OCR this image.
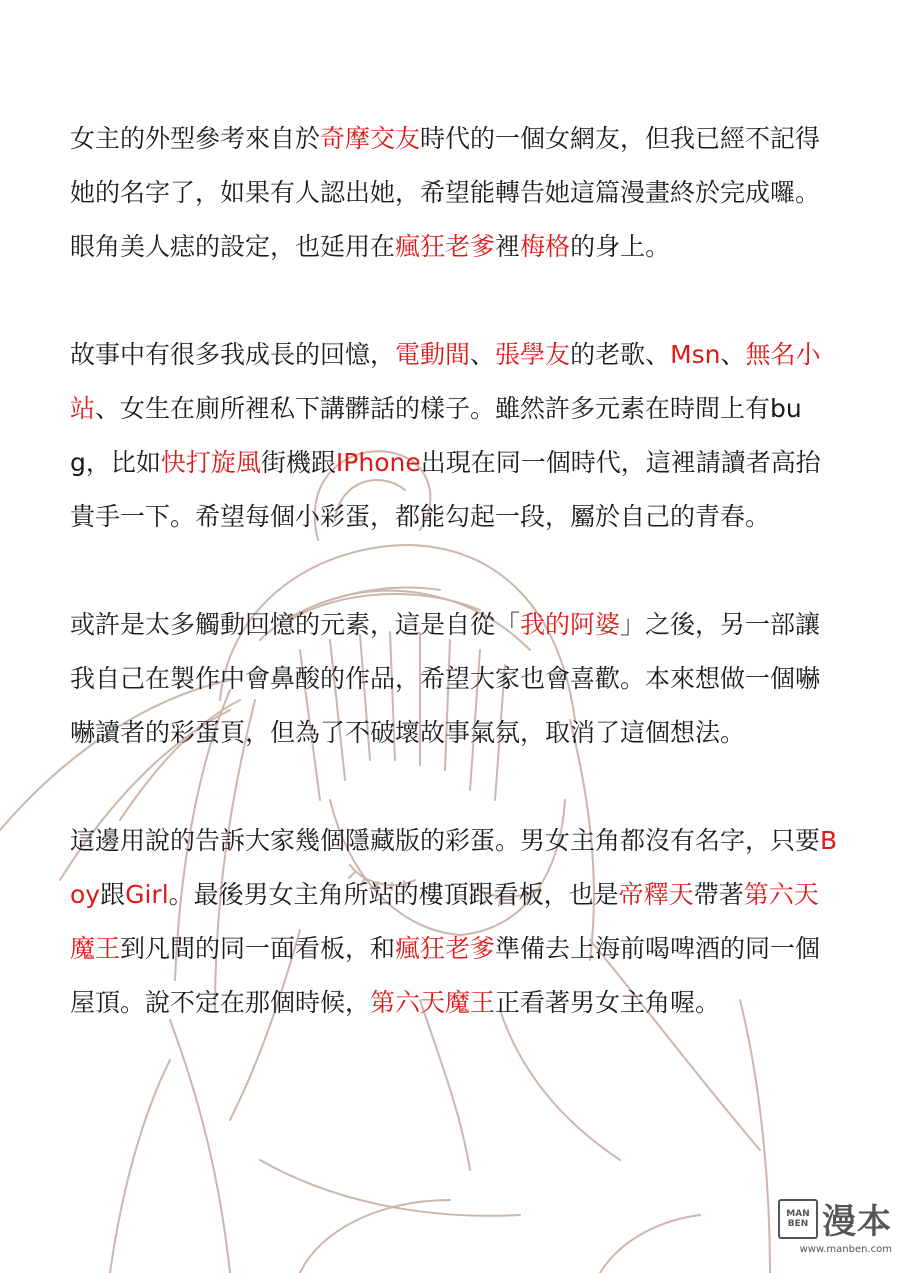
女主的外型參考來自於奇摩交友時代的一個女網友，但我已經不記得她的名字了，如果有人認出她，希望能轉告她這篇漫畫終於完成囉。眼角美人痣的設定，也延用在瘋狂老爹裡梅格的身上。

故事中有很多我成長的回憶，電動間、張學友的老歌、Msn、無名小站、女生在廁所裡私下講髒話的樣子。雖然許多元素在時間上有bug，比如快打旋風街機跟IPhone出現在同一個時代，這裡請讀者高抬貴手一下。希望每個小彩蛋，都能勾起一段，屬於自己的青春。

或許是太多觸動回憶的元素，這是自從「我的阿婆」之後，另一部讓我自己在製作中會鼻酸的作品，希望大家也會喜歡。本來想做一個嚇嚇讀者的彩蛋頁，但為了不破壞故事氣氛，取消了這個想法。

這邊用說的告訴大家幾個隱藏版的彩蛋。男女主角都沒有名字，只要Boy跟Girl。最後男女主角所站的樓頂跟看板，也是帝釋天帶著第六天魔王到凡間的同一面看板，和瘋狂老爹準備去上海前喝啤酒的同一個屋頂。說不定在那個時候，第六天魔王正看著男女主角喔。

MAN BEN 漫本
www.manben.com
